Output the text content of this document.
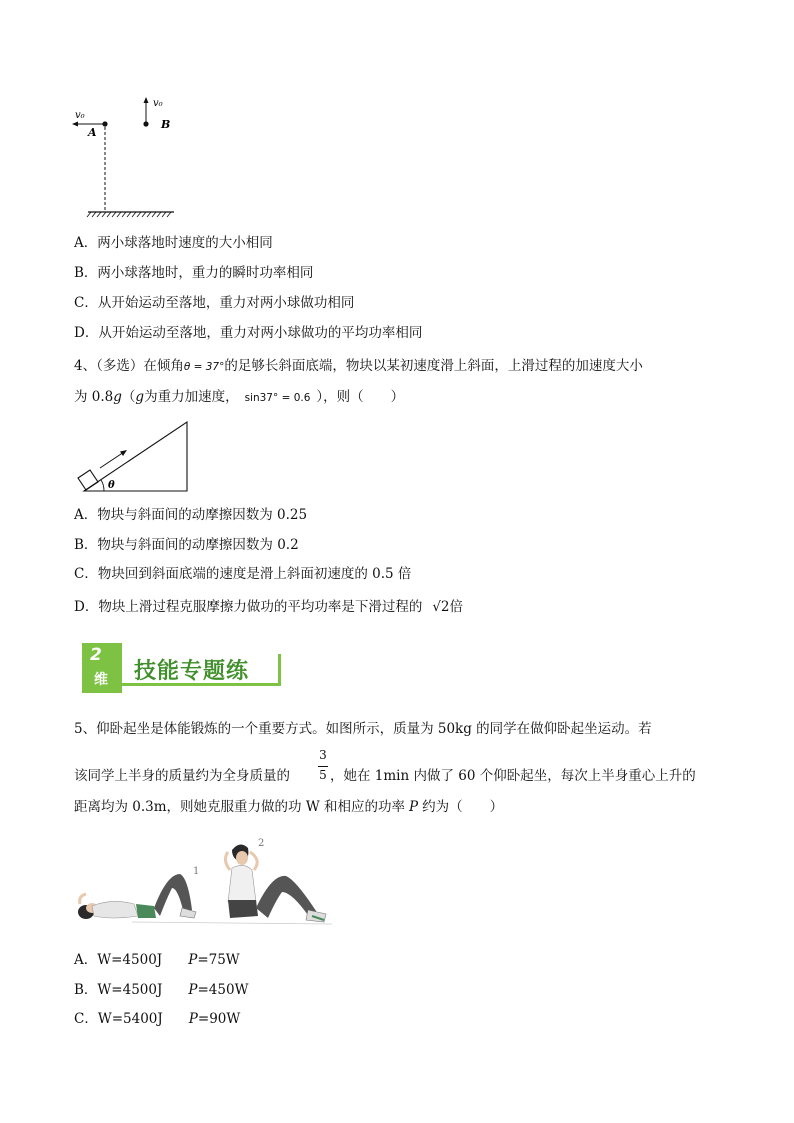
v₀
A
v₀
B
A．两小球落地时速度的大小相同
B．两小球落地时，重力的瞬时功率相同
C．从开始运动至落地，重力对两小球做功相同
D．从开始运动至落地，重力对两小球做功的平均功率相同
4、（多选）在倾角θ = 37°的足够长斜面底端，物块以某初速度滑上斜面，上滑过程的加速度大小
为 0.8g（g为重力加速度， sin37° = 0.6 ），则（　　）
θ
A．物块与斜面间的动摩擦因数为 0.25
B．物块与斜面间的动摩擦因数为 0.2
C．物块回到斜面底端的速度是滑上斜面初速度的 0.5 倍
D．物块上滑过程克服摩擦力做功的平均功率是下滑过程的 √2倍
2
维 技能专题练
5、仰卧起坐是体能锻炼的一个重要方式。如图所示，质量为 50kg 的同学在做仰卧起坐运动。若
3
5
该同学上半身的质量约为全身质量的	，她在 1min 内做了 60 个仰卧起坐，每次上半身重心上升的
距离均为 0.3m，则她克服重力做的功 W 和相应的功率 P 约为（　　）
1
2
A．W=4500J P=75W
B．W=4500J P=450W
C．W=5400J P=90W
